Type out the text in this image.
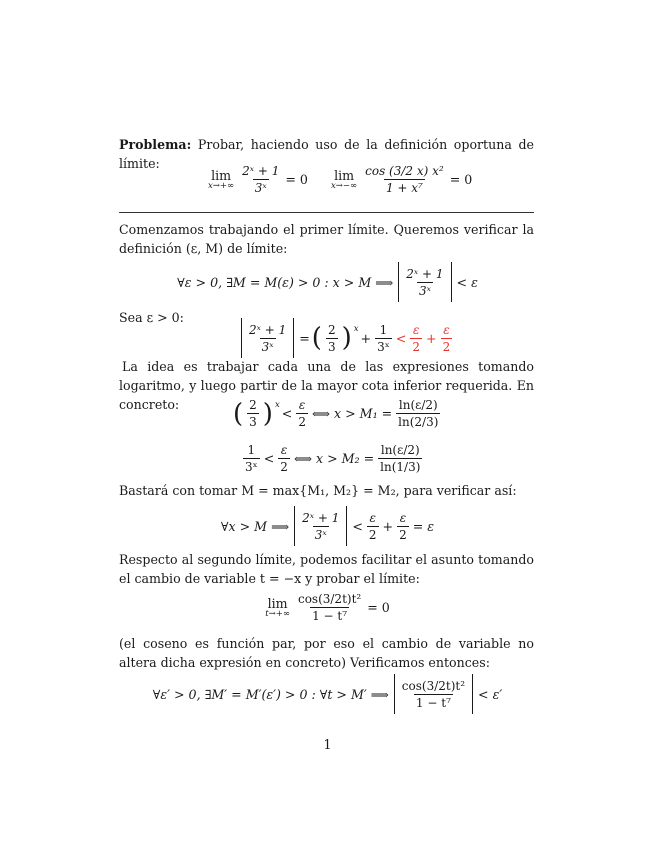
Problema: Probar, haciendo uso de la definición oportuna de límite:
lim
$x\to+\infty \frac{\text{2ˣ + 1}}{\text{3ˣ}} = 0$ lim
$x\to-\infty \frac{\text{cos (3/2 x) x²}}{\text{1 + x⁷}} = 0$
Comenzamos trabajando el primer límite. Queremos verificar la definición (ε, M) de límite:
∀ε > 0, ∃M = M(ε) > 0 : x > M ⟹ $\frac{\text{2ˣ + 1}}{\text{3ˣ}} < \varepsilon$
Sea ε > 0:
$\frac{\text{2ˣ + 1}}{\text{3ˣ}}$ = ( $\frac{2}{3}$ ) x
+ $\frac{1}{\text{3ˣ}} < \frac{\varepsilon}{2} + \frac{\varepsilon}{2}$
La idea es trabajar cada una de las expresiones tomando logaritmo, y luego partir de la mayor cota inferior requerida. En concreto:	( $\frac{2}{3}$ ) x
< $\frac{\varepsilon}{2}$ ⟺ $x > M_1 = \frac{\ln(\varepsilon/2)}{\ln(2/3)}$
$\frac{1}{\text{3ˣ}} < \frac{\varepsilon}{2}$ ⟺ $x > M_2 = \frac{\ln(\varepsilon/2)}{\ln(1/3)}$
Bastará con tomar M = max{M₁, M₂} = M₂, para verificar así:
∀x > M ⟹ $\frac{\text{2ˣ + 1}}{\text{3ˣ}} < \frac{\varepsilon}{2} + \frac{\varepsilon}{2} = \varepsilon$
Respecto al segundo límite, podemos facilitar el asunto tomando el cambio de variable t = −x y probar el límite:
lim
$t\to+\infty \frac{\text{cos(3/2t)t²}}{\text{1 − t⁷}} = 0$
(el coseno es función par, por eso el cambio de variable no altera dicha expresión en concreto) Verificamos entonces:
∀ε′ > 0, ∃M′ = M′(ε′) > 0 : ∀t > M′ ⟹ $\frac{\text{cos(3/2t)t²}}{\text{1 − t⁷}} < \varepsilon'$
1
